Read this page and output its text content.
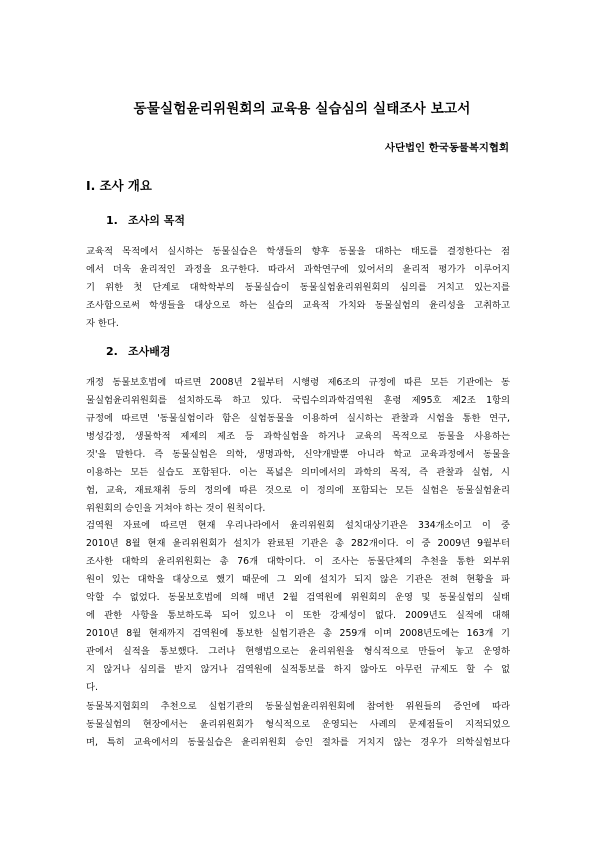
동물실험윤리위원회의 교육용 실습심의 실태조사 보고서
사단법인 한국동물복지협회
I. 조사 개요
1. 조사의 목적

교육적 목적에서 실시하는 동물실습은 학생들의 향후 동물을 대하는 태도를 결정한다는 점
에서 더욱 윤리적인 과정을 요구한다. 따라서 과학연구에 있어서의 윤리적 평가가 이루어지
기 위한 첫 단계로 대학학부의 동물실습이 동물실험윤리위원회의 심의를 거치고 있는지를
조사함으로써 학생들을 대상으로 하는 실습의 교육적 가치와 동물실험의 윤리성을 고취하고
자 한다.

2. 조사배경

개정 동물보호법에 따르면 2008년 2월부터 시행령 제6조의 규정에 따른 모든 기관에는 동
물실험윤리위원회를 설치하도록 하고 있다. 국립수의과학검역원 훈령 제95호 제2조 1항의
규정에 따르면 '동물실험이라 함은 실험동물을 이용하여 실시하는 관찰과 시험을 통한 연구,
병성감정, 생물학적 제제의 제조 등 과학실험을 하거나 교육의 목적으로 동물을 사용하는
것'을 말한다. 즉 동물실험은 의학, 생명과학, 신약개발뿐 아니라 학교 교육과정에서 동물을
이용하는 모든 실습도 포함된다. 이는 폭넓은 의미에서의 과학의 목적, 즉 관찰과 실험, 시
험, 교육, 재료채취 등의 정의에 따른 것으로 이 정의에 포함되는 모든 실험은 동물실험윤리
위원회의 승인을 거쳐야 하는 것이 원칙이다.

검역원 자료에 따르면 현재 우리나라에서 윤리위원회 설치대상기관은 334개소이고 이 중
2010년 8월 현재 윤리위원회가 설치가 완료된 기관은 총 282개이다. 이 중 2009년 9월부터
조사한 대학의 윤리위원회는 총 76개 대학이다. 이 조사는 동물단체의 추천을 통한 외부위
원이 있는 대학을 대상으로 했기 때문에 그 외에 설치가 되지 않은 기관은 전혀 현황을 파
악할 수 없었다. 동물보호법에 의해 매년 2월 검역원에 위원회의 운영 및 동물실험의 실태
에 관한 사항을 통보하도록 되어 있으나 이 또한 강제성이 없다. 2009년도 실적에 대해
2010년 8월 현재까지 검역원에 통보한 실험기관은 총 259개 이며 2008년도에는 163개 기
관에서 실적을 통보했다. 그러나 현행법으로는 윤리위원을 형식적으로 만들어 놓고 운영하
지 않거나 심의를 받지 않거나 검역원에 실적통보를 하지 않아도 아무런 규제도 할 수 없
다.

동물복지협회의 추천으로 실험기관의 동물실험윤리위원회에 참여한 위원들의 증언에 따라
동물실험의 현장에서는 윤리위원회가 형식적으로 운영되는 사례의 문제점들이 지적되었으
며, 특히 교육에서의 동물실습은 윤리위원회 승인 절차를 거치지 않는 경우가 의학실험보다
